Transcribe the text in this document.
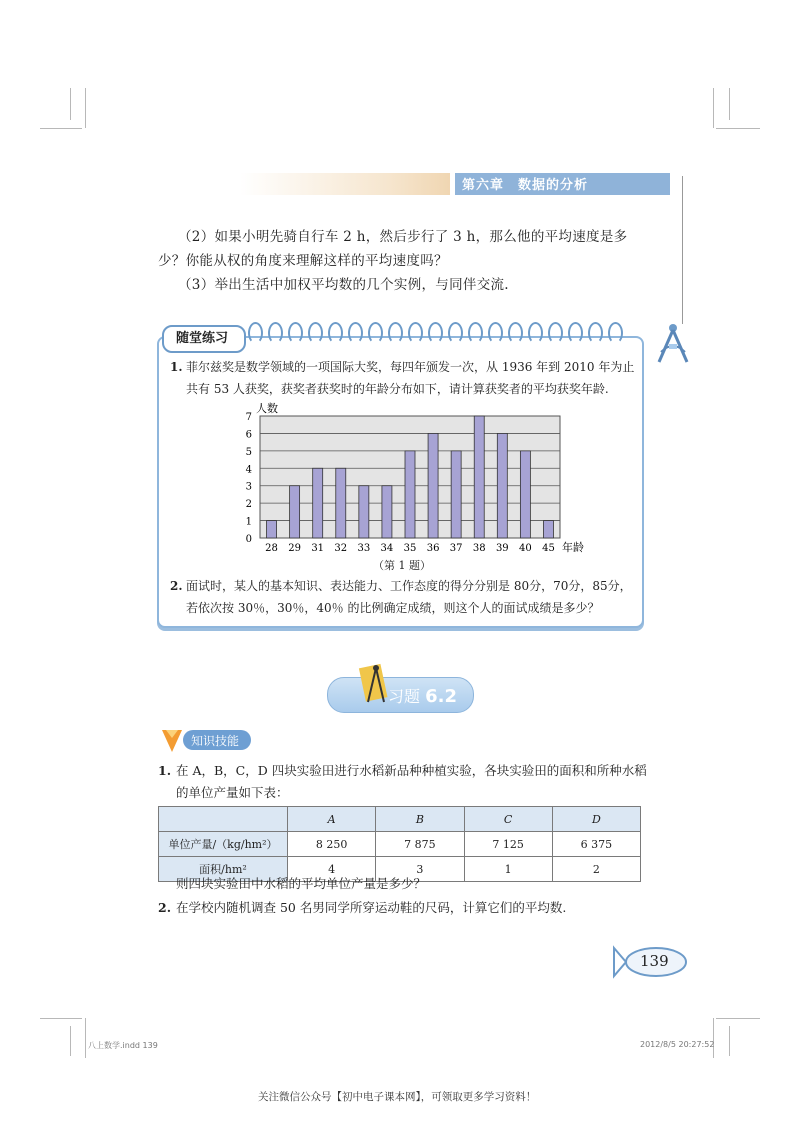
第六章　数据的分析
（2）如果小明先骑自行车 2 h，然后步行了 3 h，那么他的平均速度是多
少？你能从权的角度来理解这样的平均速度吗？
（3）举出生活中加权平均数的几个实例，与同伴交流.
随堂练习
1. 菲尔兹奖是数学领域的一项国际大奖，每四年颁发一次，从 1936 年到 2010 年为止
共有 53 人获奖，获奖者获奖时的年龄分布如下，请计算获奖者的平均获奖年龄.
0
1
2
3
4
5
6
7
人数
28 29 31 32 33 34 35 36 37 38 39 40 45 年龄
（第 1 题）
2. 面试时，某人的基本知识、表达能力、工作态度的得分分别是 80分，70分，85分，
若依次按 30％，30％，40％ 的比例确定成绩，则这个人的面试成绩是多少？
习题 6.2
知识技能
1. 在 A，B，C，D 四块实验田进行水稻新品种种植实验，各块实验田的面积和所种水稻
的单位产量如下表：
	A	B	C	D
单位产量/（kg/hm²）	8 250	7 875	7 125	6 375
面积/hm²	4	3	1	2
则四块实验田中水稻的平均单位产量是多少？
2. 在学校内随机调查 50 名男同学所穿运动鞋的尺码，计算它们的平均数.
139
八上数学.indd 139	2012/8/5 20:27:52
关注微信公众号【初中电子课本网】，可领取更多学习资料！
